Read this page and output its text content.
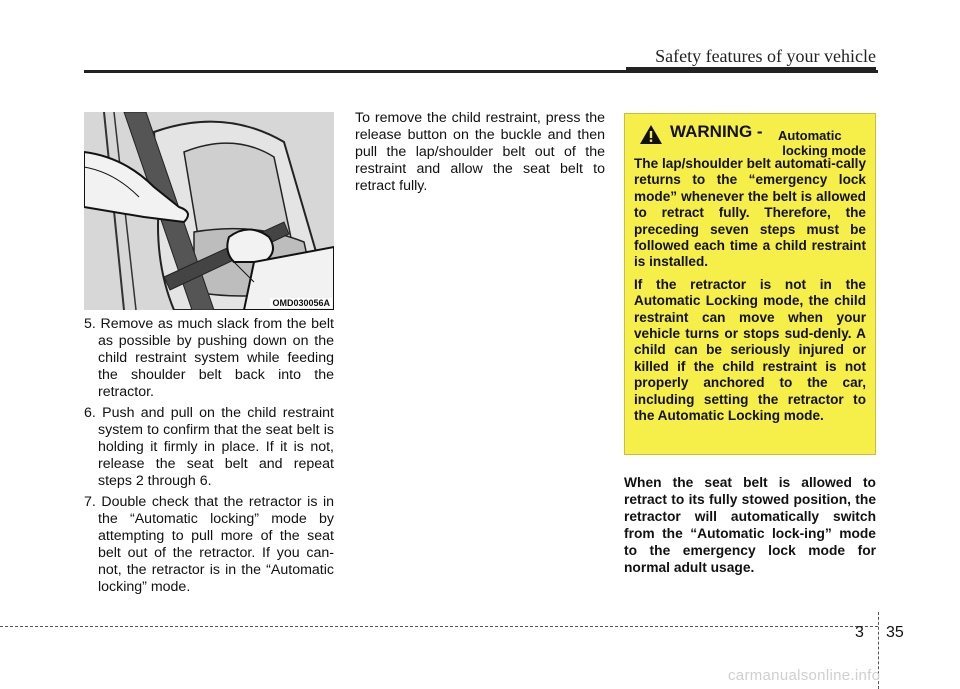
Safety features of your vehicle
OMD030056A

5. Remove as much slack from the belt as possible by pushing down on the child restraint system while feeding the shoulder belt back into the retractor.

6. Push and pull on the child restraint system to confirm that the seat belt is holding it firmly in place. If it is not, release the seat belt and repeat steps 2 through 6.

7. Double check that the retractor is in the “Automatic locking” mode by attempting to pull more of the seat belt out of the retractor. If you can-not, the retractor is in the “Automatic locking” mode.

To remove the child restraint, press the release button on the buckle and then pull the lap/shoulder belt out of the restraint and allow the seat belt to retract fully.
WARNING - Automatic
locking mode

The lap/shoulder belt automati-cally returns to the “emergency lock mode” whenever the belt is allowed to retract fully. Therefore, the preceding seven steps must be followed each time a child restraint is installed.

If the retractor is not in the Automatic Locking mode, the child restraint can move when your vehicle turns or stops sud-denly. A child can be seriously injured or killed if the child restraint is not properly anchored to the car, including setting the retractor to the Automatic Locking mode.

When the seat belt is allowed to retract to its fully stowed position, the retractor will automatically switch from the “Automatic lock-ing” mode to the emergency lock mode for normal adult usage.
3 35
carmanualsonline.info
